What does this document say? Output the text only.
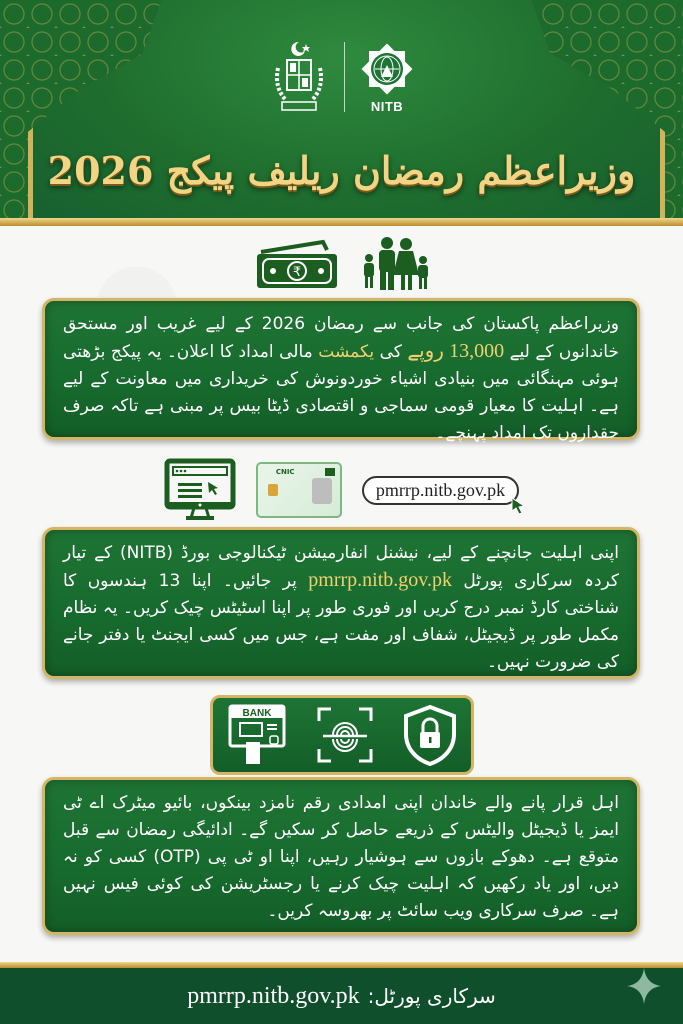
NITB
وزیراعظم رمضان ریلیف پیکج 2026
₹
وزیراعظم پاکستان کی جانب سے رمضان 2026 کے لیے غریب اور مستحق خاندانوں کے لیے 13,000 روپے کی یکمشت مالی امداد کا اعلان۔ یہ پیکج بڑھتی ہوئی مہنگائی میں بنیادی اشیاء خوردونوش کی خریداری میں معاونت کے لیے ہے۔ اہلیت کا معیار قومی سماجی و اقتصادی ڈیٹا بیس پر مبنی ہے تاکہ صرف حقداروں تک امداد پہنچے۔
CNIC
pmrrp.nitb.gov.pk
اپنی اہلیت جانچنے کے لیے، نیشنل انفارمیشن ٹیکنالوجی بورڈ (NITB) کے تیار کردہ سرکاری پورٹل pmrrp.nitb.gov.pk پر جائیں۔ اپنا 13 ہندسوں کا شناختی کارڈ نمبر درج کریں اور فوری طور پر اپنا اسٹیٹس چیک کریں۔ یہ نظام مکمل طور پر ڈیجیٹل، شفاف اور مفت ہے، جس میں کسی ایجنٹ یا دفتر جانے کی ضرورت نہیں۔
BANK
اہل قرار پانے والے خاندان اپنی امدادی رقم نامزد بینکوں، بائیو میٹرک اے ٹی ایمز یا ڈیجیٹل والیٹس کے ذریعے حاصل کر سکیں گے۔ ادائیگی رمضان سے قبل متوقع ہے۔ دھوکے بازوں سے ہوشیار رہیں، اپنا او ٹی پی (OTP) کسی کو نہ دیں، اور یاد رکھیں کہ اہلیت چیک کرنے یا رجسٹریشن کی کوئی فیس نہیں ہے۔ صرف سرکاری ویب سائٹ پر بھروسہ کریں۔
pmrrp.nitb.gov.pk سرکاری پورٹل:
